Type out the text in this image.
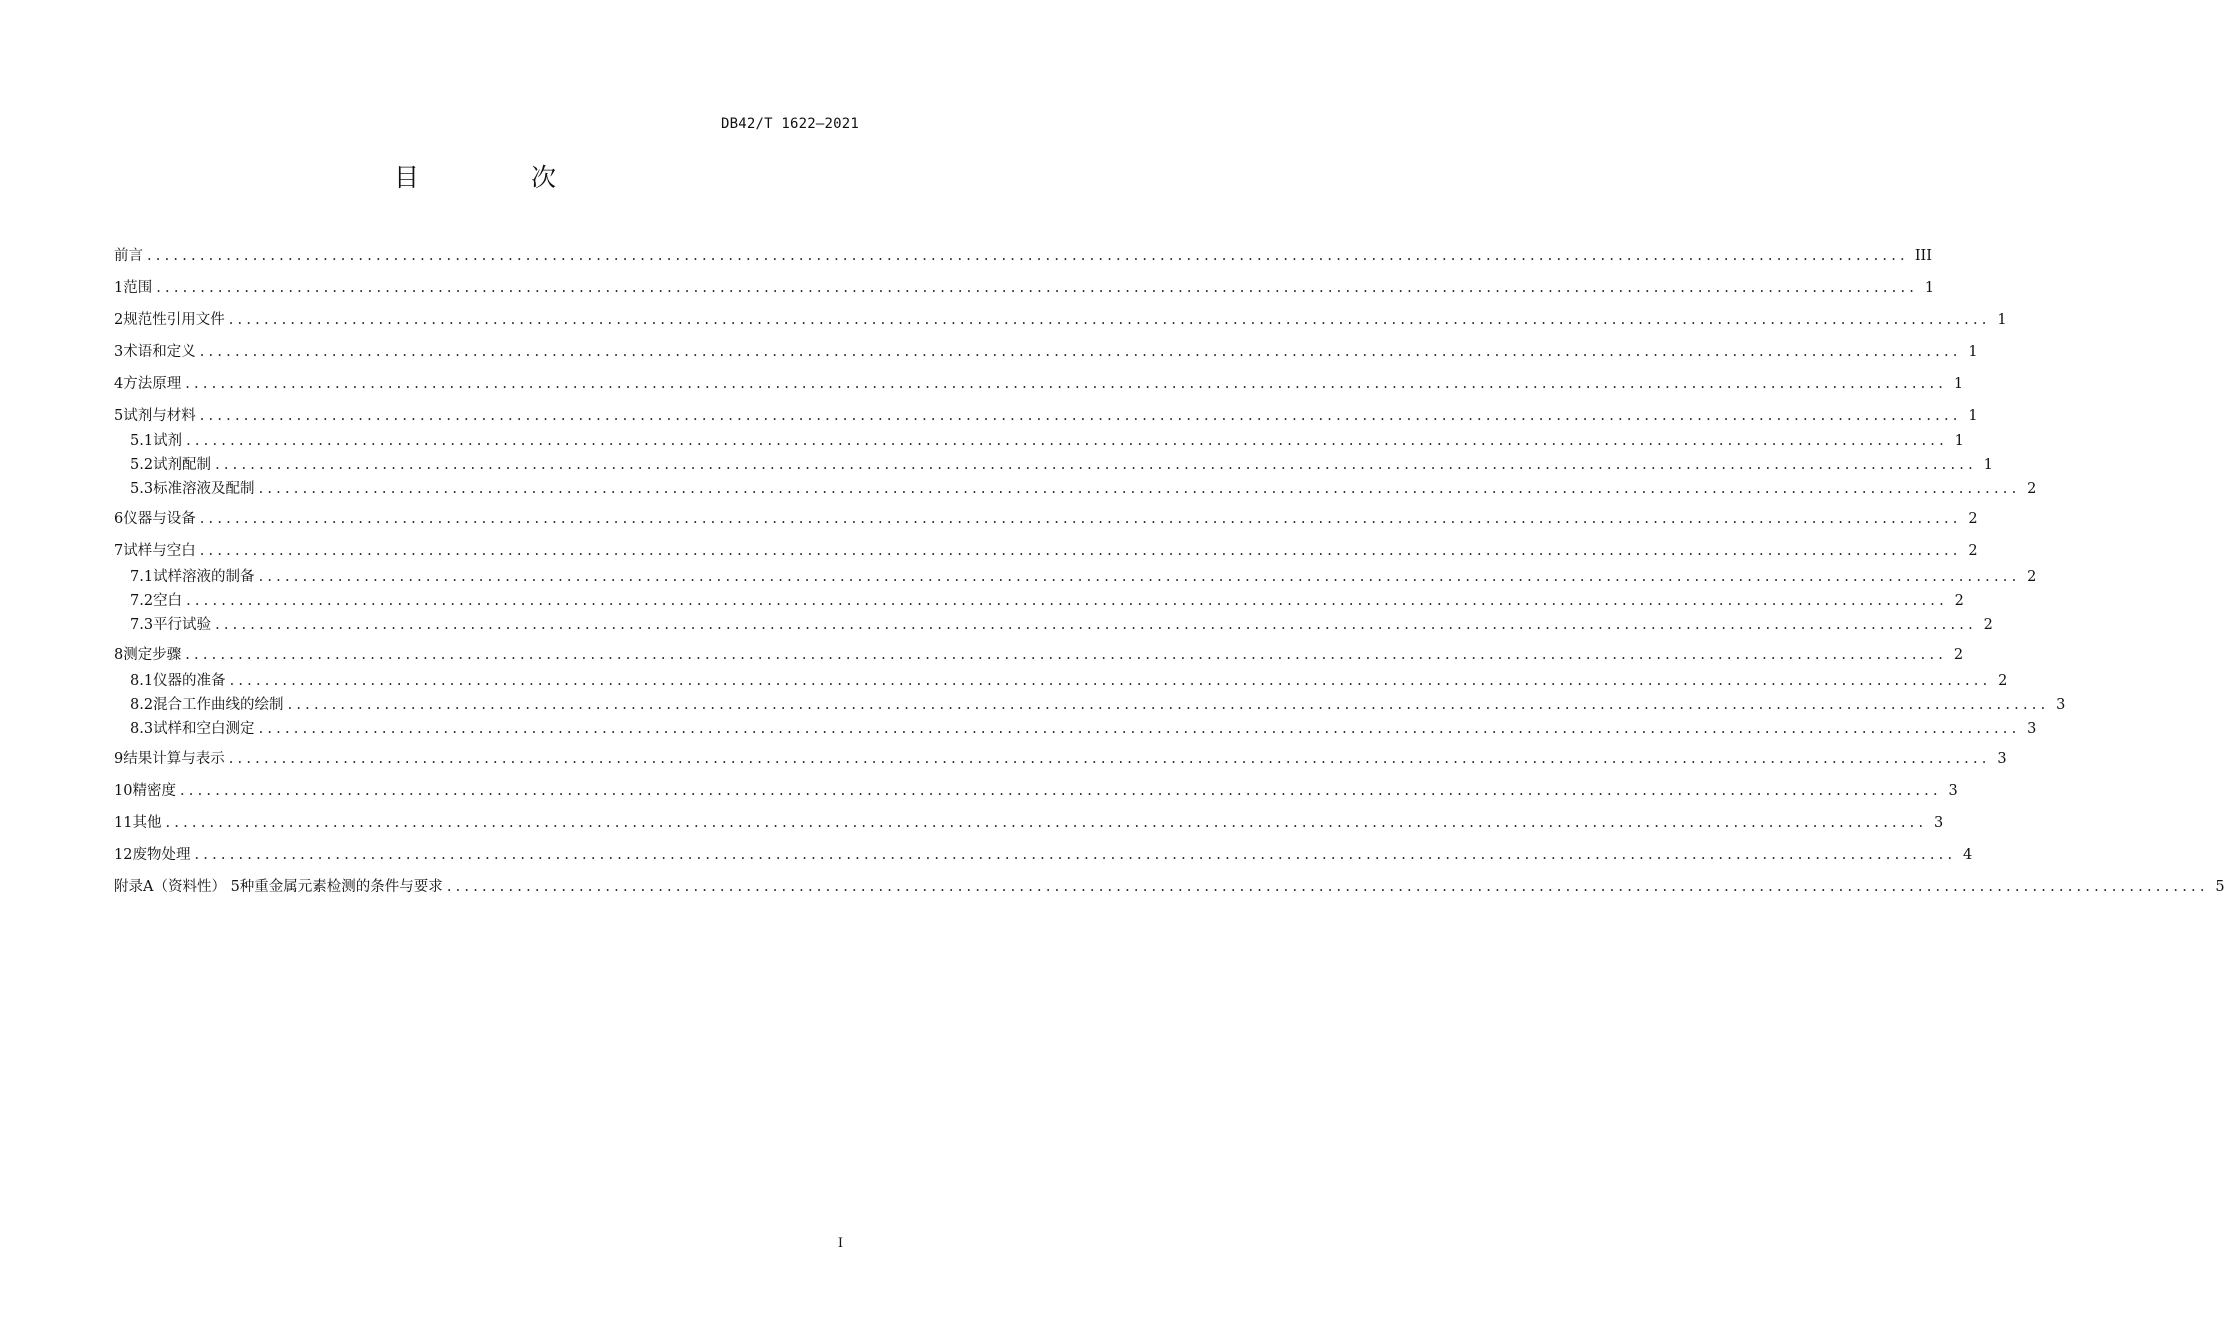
DB42/T 1622—2021
目 次
前言 ........................................................................................................................................................................................................ III
1 范围 ........................................................................................................................................................................................................ 1
2 规范性引用文件 ........................................................................................................................................................................................................ 1
3 术语和定义 ........................................................................................................................................................................................................ 1
4 方法原理 ........................................................................................................................................................................................................ 1
5 试剂与材料 ........................................................................................................................................................................................................ 1
5.1 试剂 ........................................................................................................................................................................................................ 1
5.2 试剂配制 ........................................................................................................................................................................................................ 1
5.3 标准溶液及配制 ........................................................................................................................................................................................................ 2
6 仪器与设备 ........................................................................................................................................................................................................ 2
7 试样与空白 ........................................................................................................................................................................................................ 2
7.1 试样溶液的制备 ........................................................................................................................................................................................................ 2
7.2 空白 ........................................................................................................................................................................................................ 2
7.3 平行试验 ........................................................................................................................................................................................................ 2
8 测定步骤 ........................................................................................................................................................................................................ 2
8.1 仪器的准备 ........................................................................................................................................................................................................ 2
8.2 混合工作曲线的绘制 ........................................................................................................................................................................................................ 3
8.3 试样和空白测定 ........................................................................................................................................................................................................ 3
9 结果计算与表示 ........................................................................................................................................................................................................ 3
10 精密度 ........................................................................................................................................................................................................ 3
11 其他 ........................................................................................................................................................................................................ 3
12 废物处理 ........................................................................................................................................................................................................ 4
附录A（资料性） 5种重金属元素检测的条件与要求 ........................................................................................................................................................................................................ 5
I
